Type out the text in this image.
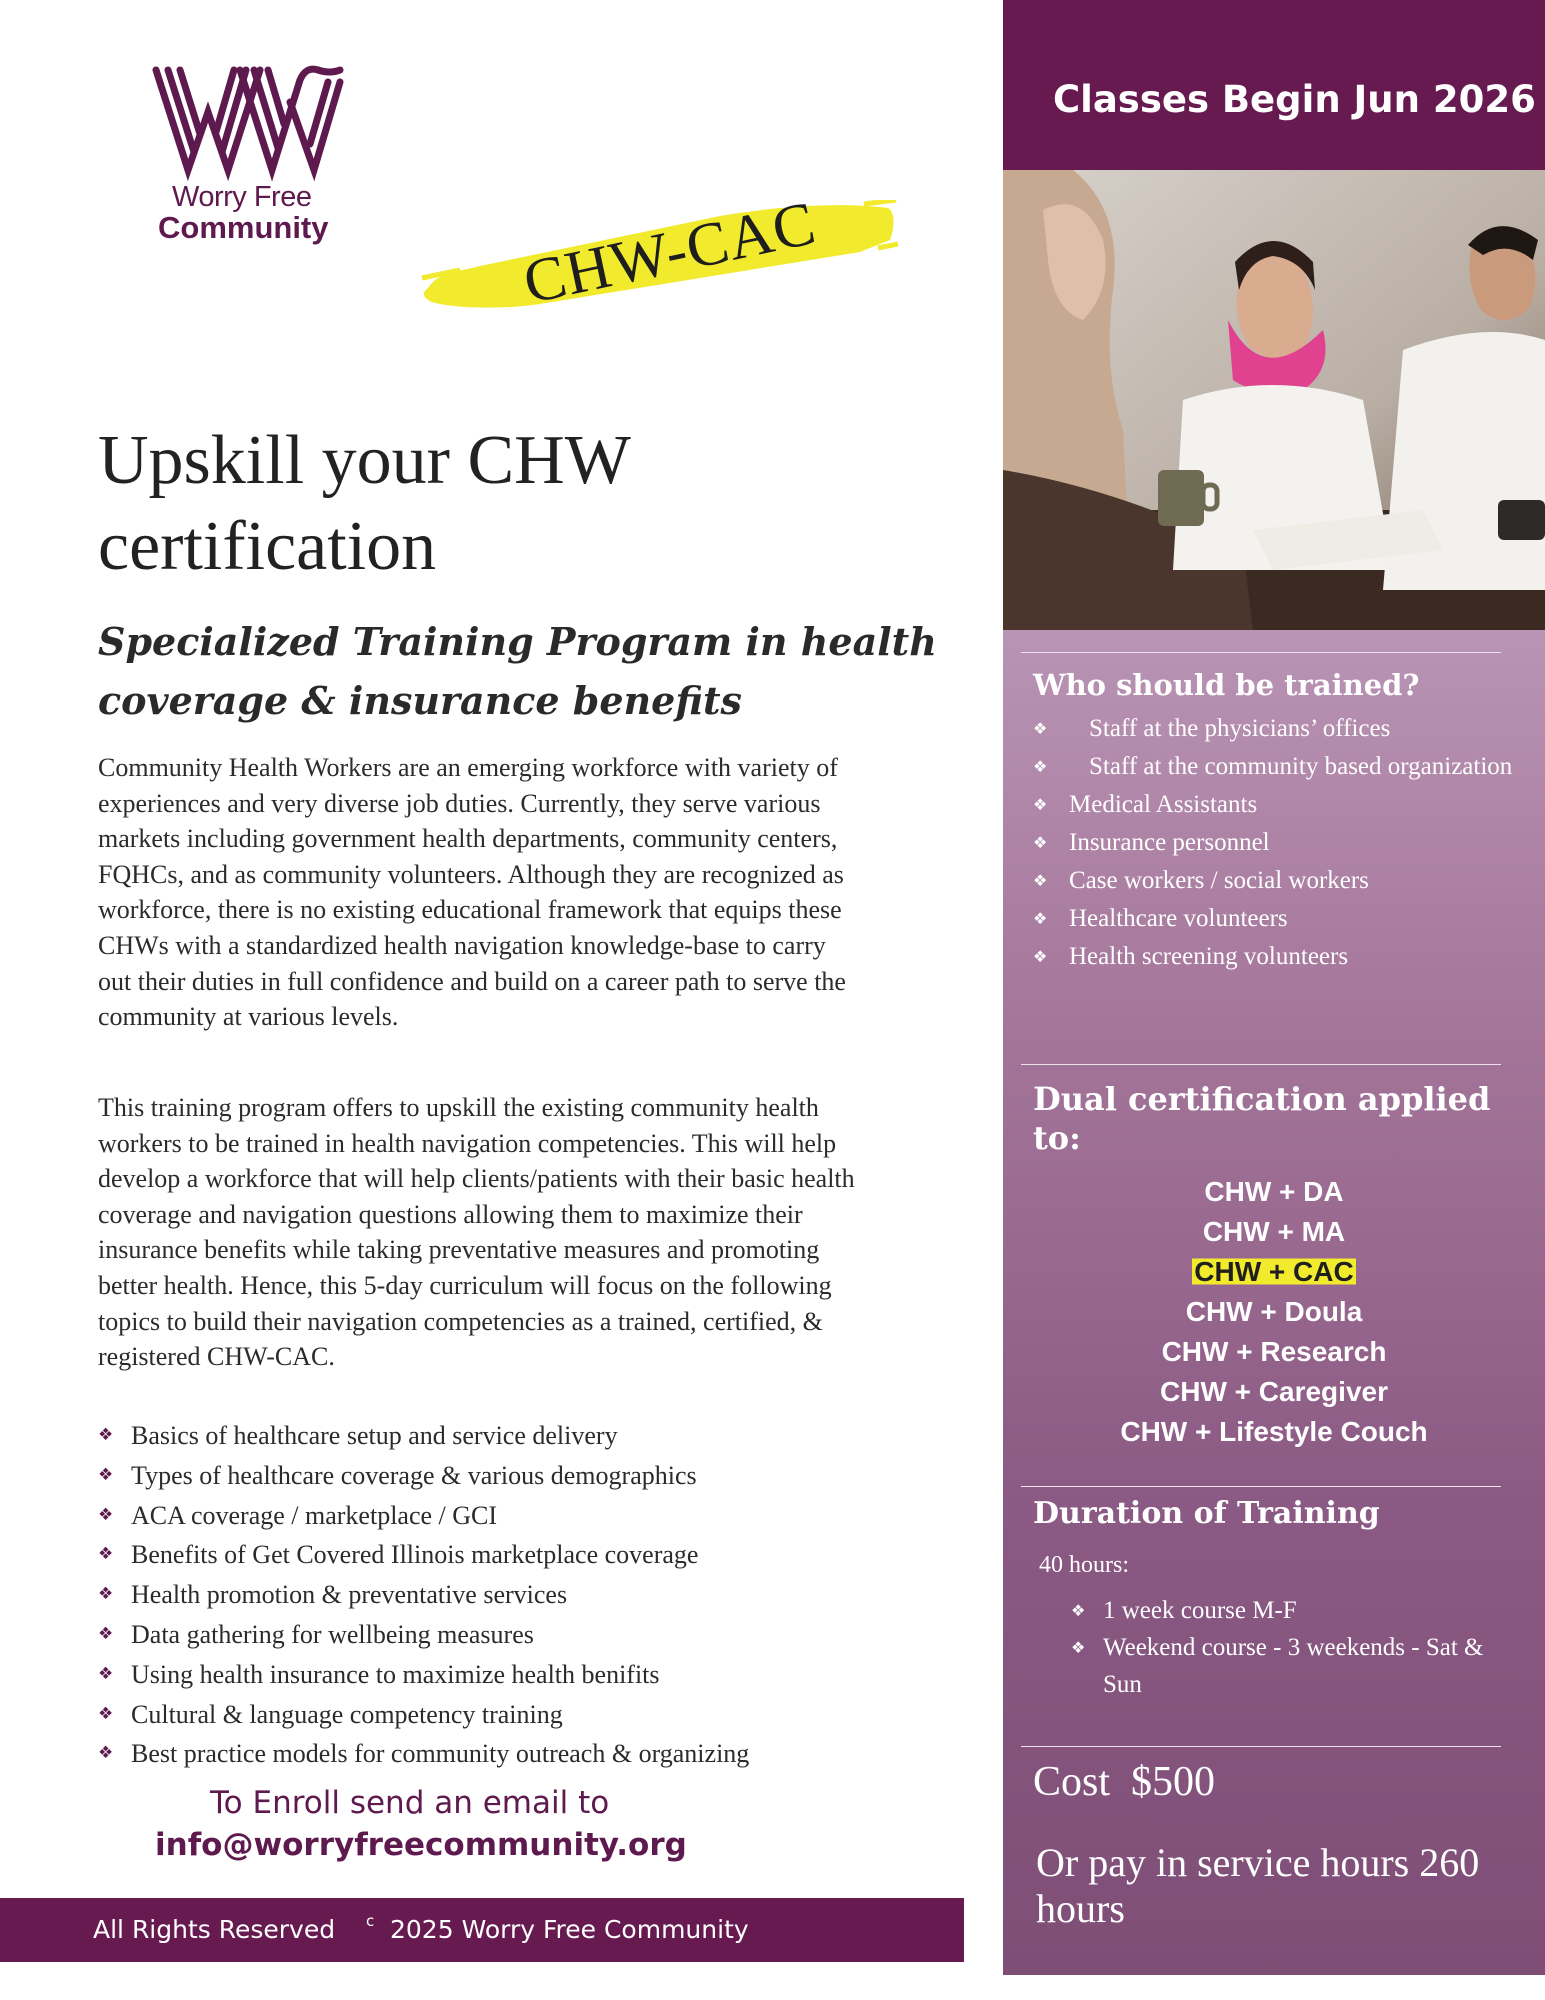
Worry Free
Community	CHW-CAC
Upskill your CHW certification
Specialized Training Program in health coverage & insurance benefits

Community Health Workers are an emerging workforce with variety of experiences and very diverse job duties. Currently, they serve various markets including government health departments, community centers, FQHCs, and as community volunteers. Although they are recognized as workforce, there is no existing educational framework that equips these CHWs with a standardized health navigation knowledge-base to carry out their duties in full confidence and build on a career path to serve the community at various levels.

This training program offers to upskill the existing community health workers to be trained in health navigation competencies. This will help develop a workforce that will help clients/patients with their basic health coverage and navigation questions allowing them to maximize their insurance benefits while taking preventative measures and promoting better health. Hence, this 5-day curriculum will focus on the following topics to build their navigation competencies as a trained, certified, & registered CHW-CAC.

❖ Basics of healthcare setup and service delivery
❖ Types of healthcare coverage & various demographics
❖ ACA coverage / marketplace / GCI
❖ Benefits of Get Covered Illinois marketplace coverage
❖ Health promotion & preventative services
❖ Data gathering for wellbeing measures
❖ Using health insurance to maximize health benifits
❖ Cultural & language competency training
❖ Best practice models for community outreach & organizing
To Enroll send an email to
info@worryfreecommunity.org
All Rights Reserved c 2025 Worry Free Community
Classes Begin Jun 2026
Who should be trained?
❖ Staff at the physicians’ offices
❖ Staff at the community based organization
❖ Medical Assistants
❖ Insurance personnel
❖ Case workers / social workers
❖ Healthcare volunteers
❖ Health screening volunteers
Dual certification applied to:
CHW + DA
CHW + MA
CHW + CAC
CHW + Doula
CHW + Research
CHW + Caregiver
CHW + Lifestyle Couch
Duration of Training
40 hours:
❖ 1 week course M-F
❖ Weekend course - 3 weekends - Sat & Sun
Cost  $500
Or pay in service hours 260 hours
